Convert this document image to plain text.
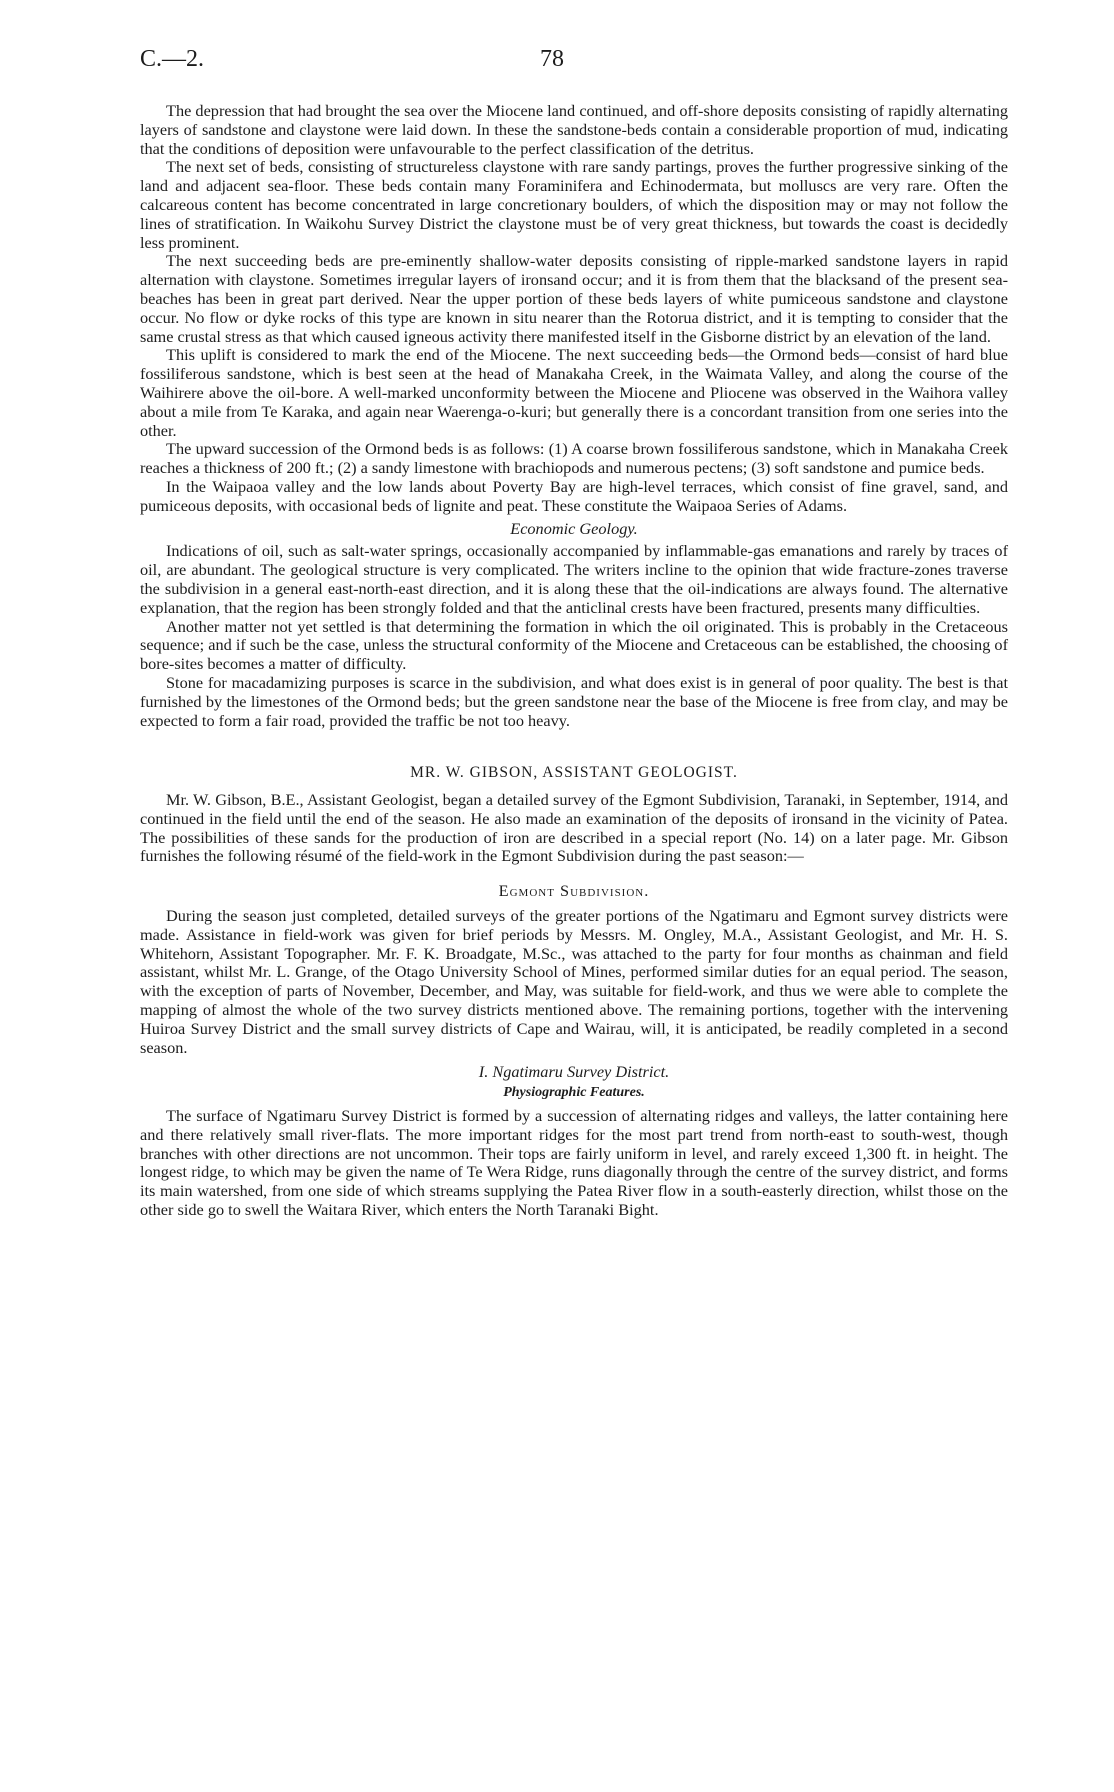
C.—2.	78

The depression that had brought the sea over the Miocene land continued, and off-shore deposits consisting of rapidly alternating layers of sandstone and claystone were laid down. In these the sandstone-beds contain a considerable proportion of mud, indicating that the conditions of deposition were unfavourable to the perfect classification of the detritus.

The next set of beds, consisting of structureless claystone with rare sandy partings, proves the further progressive sinking of the land and adjacent sea-floor. These beds contain many Foraminifera and Echinodermata, but molluscs are very rare. Often the calcareous content has become concentrated in large concretionary boulders, of which the disposition may or may not follow the lines of stratification. In Waikohu Survey District the claystone must be of very great thickness, but towards the coast is decidedly less prominent.

The next succeeding beds are pre-eminently shallow-water deposits consisting of ripple-marked sandstone layers in rapid alternation with claystone. Sometimes irregular layers of ironsand occur; and it is from them that the blacksand of the present sea-beaches has been in great part derived. Near the upper portion of these beds layers of white pumiceous sandstone and claystone occur. No flow or dyke rocks of this type are known in situ nearer than the Rotorua district, and it is tempting to consider that the same crustal stress as that which caused igneous activity there manifested itself in the Gisborne district by an elevation of the land.

This uplift is considered to mark the end of the Miocene. The next succeeding beds—the Ormond beds—consist of hard blue fossiliferous sandstone, which is best seen at the head of Manakaha Creek, in the Waimata Valley, and along the course of the Waihirere above the oil-bore. A well-marked unconformity between the Miocene and Pliocene was observed in the Waihora valley about a mile from Te Karaka, and again near Waerenga-o-kuri; but generally there is a concordant transition from one series into the other.

The upward succession of the Ormond beds is as follows: (1) A coarse brown fossiliferous sandstone, which in Manakaha Creek reaches a thickness of 200 ft.; (2) a sandy limestone with brachiopods and numerous pectens; (3) soft sandstone and pumice beds.

In the Waipaoa valley and the low lands about Poverty Bay are high-level terraces, which consist of fine gravel, sand, and pumiceous deposits, with occasional beds of lignite and peat. These constitute the Waipaoa Series of Adams.

Economic Geology.

Indications of oil, such as salt-water springs, occasionally accompanied by inflammable-gas emanations and rarely by traces of oil, are abundant. The geological structure is very complicated. The writers incline to the opinion that wide fracture-zones traverse the subdivision in a general east-north-east direction, and it is along these that the oil-indications are always found. The alternative explanation, that the region has been strongly folded and that the anticlinal crests have been fractured, presents many difficulties.

Another matter not yet settled is that determining the formation in which the oil originated. This is probably in the Cretaceous sequence; and if such be the case, unless the structural conformity of the Miocene and Cretaceous can be established, the choosing of bore-sites becomes a matter of difficulty.

Stone for macadamizing purposes is scarce in the subdivision, and what does exist is in general of poor quality. The best is that furnished by the limestones of the Ormond beds; but the green sandstone near the base of the Miocene is free from clay, and may be expected to form a fair road, provided the traffic be not too heavy.

MR. W. GIBSON, ASSISTANT GEOLOGIST.

Mr. W. Gibson, B.E., Assistant Geologist, began a detailed survey of the Egmont Subdivision, Taranaki, in September, 1914, and continued in the field until the end of the season. He also made an examination of the deposits of ironsand in the vicinity of Patea. The possibilities of these sands for the production of iron are described in a special report (No. 14) on a later page. Mr. Gibson furnishes the following résumé of the field-work in the Egmont Subdivision during the past season:—

Egmont Subdivision.

During the season just completed, detailed surveys of the greater portions of the Ngatimaru and Egmont survey districts were made. Assistance in field-work was given for brief periods by Messrs. M. Ongley, M.A., Assistant Geologist, and Mr. H. S. Whitehorn, Assistant Topographer. Mr. F. K. Broadgate, M.Sc., was attached to the party for four months as chainman and field assistant, whilst Mr. L. Grange, of the Otago University School of Mines, performed similar duties for an equal period. The season, with the exception of parts of November, December, and May, was suitable for field-work, and thus we were able to complete the mapping of almost the whole of the two survey districts mentioned above. The remaining portions, together with the intervening Huiroa Survey District and the small survey districts of Cape and Wairau, will, it is anticipated, be readily completed in a second season.

I. Ngatimaru Survey District.

Physiographic Features.

The surface of Ngatimaru Survey District is formed by a succession of alternating ridges and valleys, the latter containing here and there relatively small river-flats. The more important ridges for the most part trend from north-east to south-west, though branches with other directions are not uncommon. Their tops are fairly uniform in level, and rarely exceed 1,300 ft. in height. The longest ridge, to which may be given the name of Te Wera Ridge, runs diagonally through the centre of the survey district, and forms its main watershed, from one side of which streams supplying the Patea River flow in a south-easterly direction, whilst those on the other side go to swell the Waitara River, which enters the North Taranaki Bight.
